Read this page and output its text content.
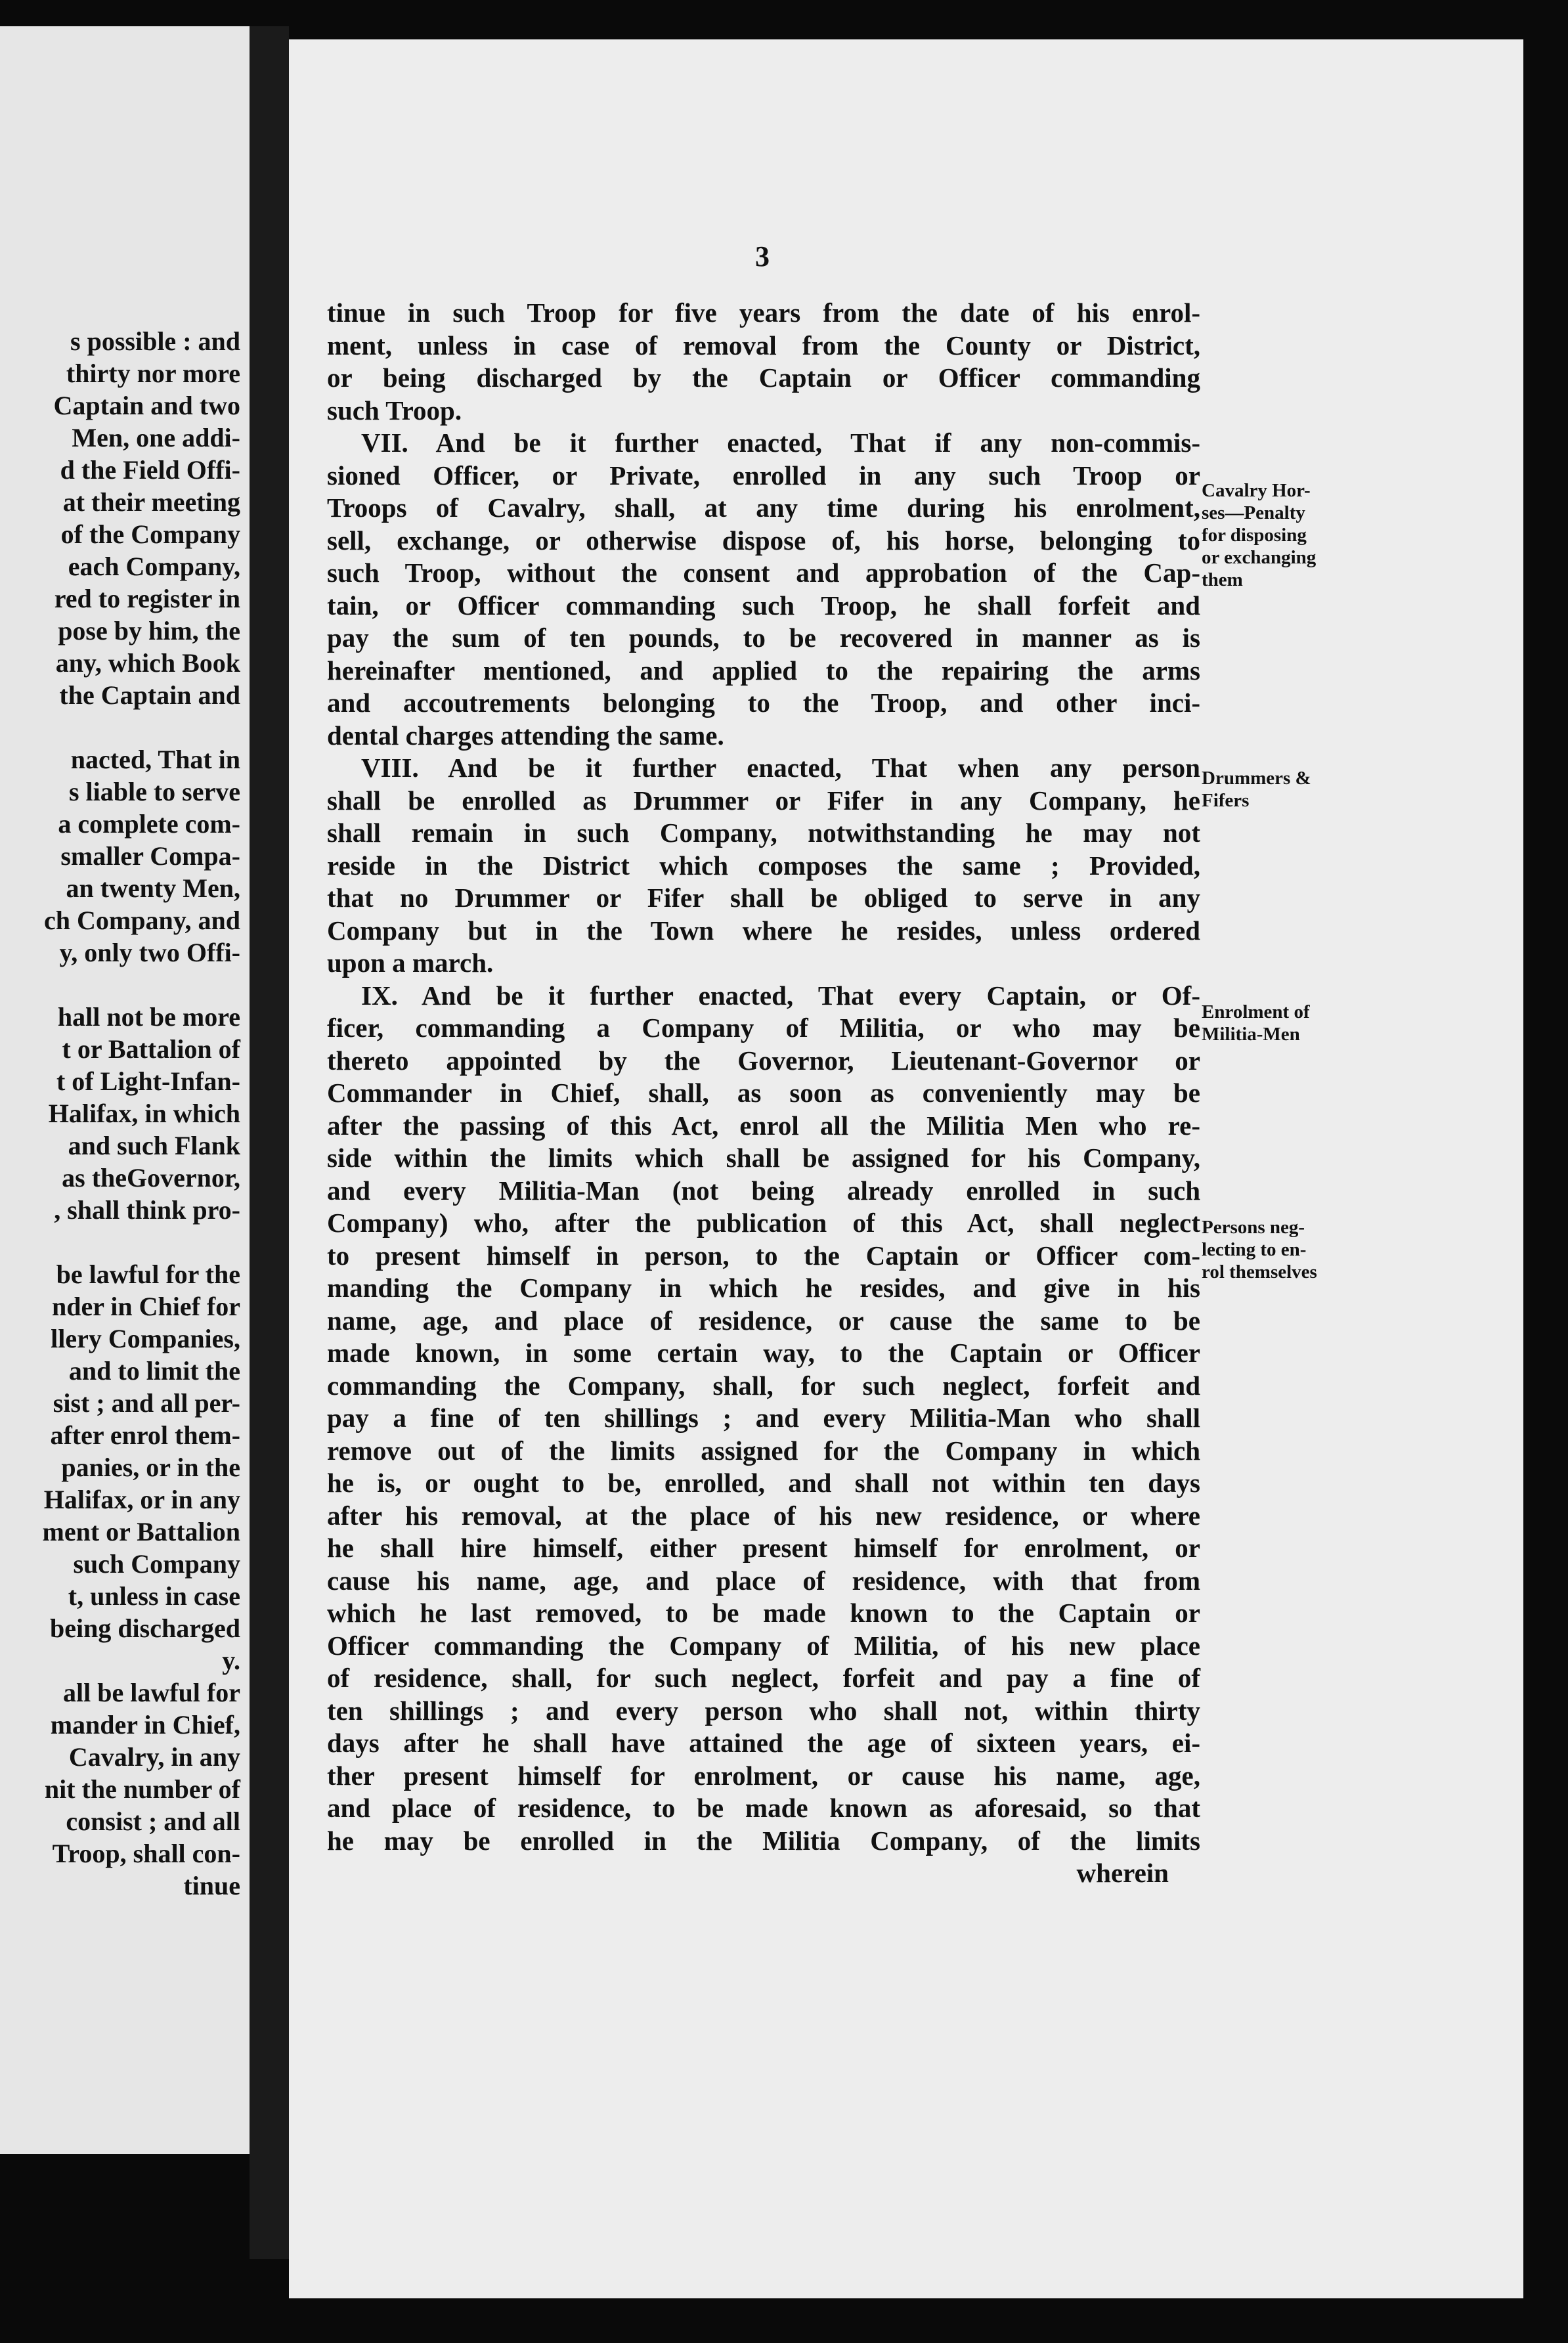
s possible : and
thirty nor more
Captain and two
Men, one addi-
d the Field Offi-
at their meeting
of the Company
each Company,
red to register in
pose by him, the
any, which Book
the Captain and
nacted, That in
s liable to serve
a complete com-
smaller Compa-
an twenty Men,
ch Company, and
y, only two Offi-
hall not be more
t or Battalion of
t of Light-Infan-
Halifax, in which
and such Flank
as theGovernor,
, shall think pro-
be lawful for the
nder in Chief for
llery Companies,
and to limit the
sist ; and all per-
after enrol them-
panies, or in the
Halifax, or in any
ment or Battalion
such Company
t, unless in case
being discharged
y.
all be lawful for
mander in Chief,
Cavalry, in any
nit the number of
consist ; and all
Troop, shall con-
tinue
3
tinue in such Troop for five years from the date of his enrol-
ment, unless in case of removal from the County or District,
or being discharged by the Captain or Officer commanding
such Troop.
VII. And be it further enacted, That if any non-commis-
sioned Officer, or Private, enrolled in any such Troop or
Troops of Cavalry, shall, at any time during his enrolment,
sell, exchange, or otherwise dispose of, his horse, belonging to
such Troop, without the consent and approbation of the Cap-
tain, or Officer commanding such Troop, he shall forfeit and
pay the sum of ten pounds, to be recovered in manner as is
hereinafter mentioned, and applied to the repairing the arms
and accoutrements belonging to the Troop, and other inci-
dental charges attending the same.
VIII. And be it further enacted, That when any person
shall be enrolled as Drummer or Fifer in any Company, he
shall remain in such Company, notwithstanding he may not
reside in the District which composes the same ; Provided,
that no Drummer or Fifer shall be obliged to serve in any
Company but in the Town where he resides, unless ordered
upon a march.
IX. And be it further enacted, That every Captain, or Of-
ficer, commanding a Company of Militia, or who may be
thereto appointed by the Governor, Lieutenant-Governor or
Commander in Chief, shall, as soon as conveniently may be
after the passing of this Act, enrol all the Militia Men who re-
side within the limits which shall be assigned for his Company,
and every Militia-Man (not being already enrolled in such
Company) who, after the publication of this Act, shall neglect
to present himself in person, to the Captain or Officer com-
manding the Company in which he resides, and give in his
name, age, and place of residence, or cause the same to be
made known, in some certain way, to the Captain or Officer
commanding the Company, shall, for such neglect, forfeit and
pay a fine of ten shillings ; and every Militia-Man who shall
remove out of the limits assigned for the Company in which
he is, or ought to be, enrolled, and shall not within ten days
after his removal, at the place of his new residence, or where
he shall hire himself, either present himself for enrolment, or
cause his name, age, and place of residence, with that from
which he last removed, to be made known to the Captain or
Officer commanding the Company of Militia, of his new place
of residence, shall, for such neglect, forfeit and pay a fine of
ten shillings ; and every person who shall not, within thirty
days after he shall have attained the age of sixteen years, ei-
ther present himself for enrolment, or cause his name, age,
and place of residence, to be made known as aforesaid, so that
he may be enrolled in the Militia Company, of the limits
wherein
Cavalry Hor-
ses—Penalty
for disposing
or exchanging
them
Drummers &
Fifers
Enrolment of
Militia-Men
Persons neg-
lecting to en-
rol themselves
